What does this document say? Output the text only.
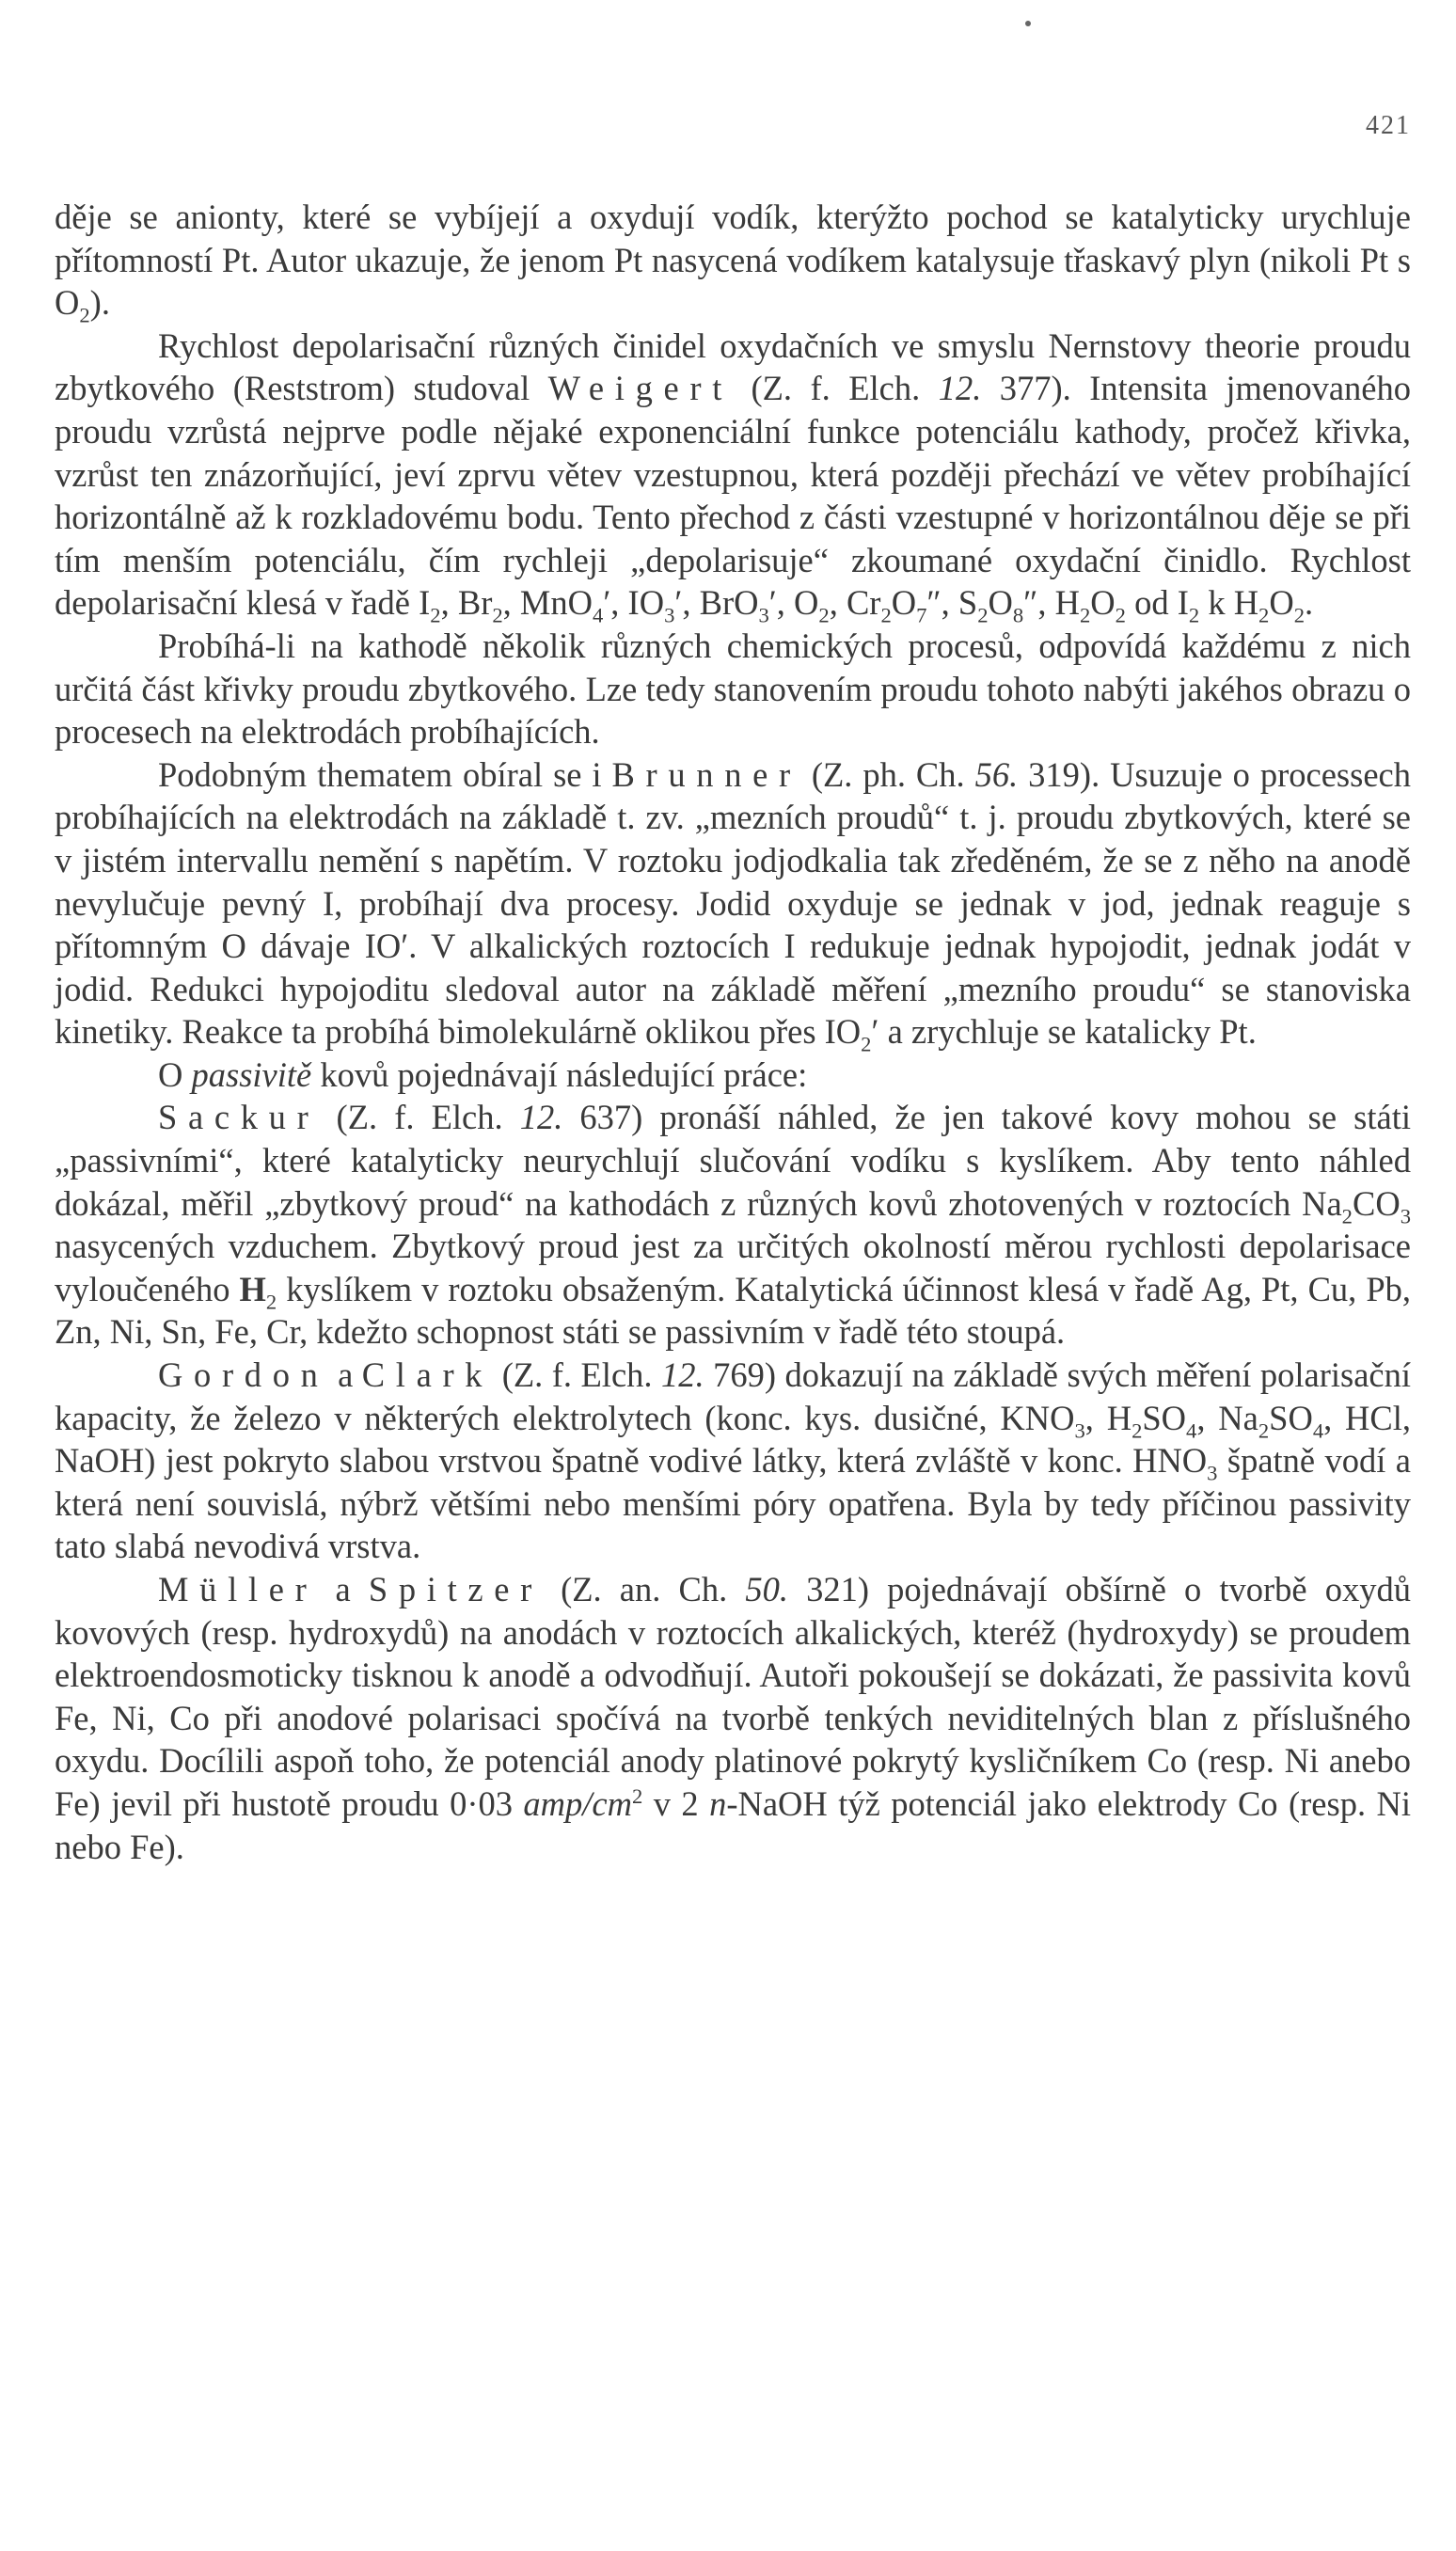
421

děje se anionty, které se vybíjejí a oxydují vodík, kterýžto pochod se katalyticky urychluje přítomností Pt. Autor ukazuje, že jenom Pt nasycená vodíkem katalysuje třaskavý plyn (nikoli Pt s $O_2$).

Rychlost depolarisační různých činidel oxydačních ve smyslu Nernstovy theorie proudu zbytkového (Reststrom) studoval Weigert (Z. f. Elch. 12. 377). Intensita jmenovaného proudu vzrůstá nejprve podle nějaké exponenciální funkce potenciálu kathody, pročež křivka, vzrůst ten znázorňující, jeví zprvu větev vzestupnou, která později přechází ve větev probíhající horizontálně až k rozkladovému bodu. Tento přechod z části vzestupné v horizontálnou děje se při tím menším potenciálu, čím rychleji „depolarisuje“ zkoumané oxydační činidlo. Rychlost depolarisační klesá v řadě $I_2$, $Br_2$, MnO$_4$′, $IO_3'$, BrO$_3$′, $O_2$, $Cr_2O_7''$, $S_2O_8''$, $H_2O_2$ od $I_2$ k $H_2O_2$.

Probíhá-li na kathodě několik různých chemických procesů, odpovídá každému z nich určitá část křivky proudu zbytkového. Lze tedy stanovením proudu tohoto nabýti jakéhos obrazu o procesech na elektrodách probíhajících.

Podobným thematem obíral se i Brunner (Z. ph. Ch. 56. 319). Usuzuje o processech probíhajících na elektrodách na základě t. zv. „mezních proudů“ t. j. proudu zbytkových, které se v jistém intervallu nemění s napětím. V roztoku jodjodkalia tak zředěném, že se z něho na anodě nevylučuje pevný I, probíhají dva procesy. Jodid oxyduje se jednak v jod, jednak reaguje s přítomným O dávaje IO′. V alkalických roztocích I redukuje jednak hypojodit, jednak jodát v jodid. Redukci hypojoditu sledoval autor na základě měření „mezního proudu“ se stanoviska kinetiky. Reakce ta probíhá bimolekulárně oklikou přes $IO_2'$ a zrychluje se katalicky Pt.

O passivitě kovů pojednávají následující práce:

Sackur (Z. f. Elch. 12. 637) pronáší náhled, že jen takové kovy mohou se státi „passivními“, které katalyticky neurychlují slučování vodíku s kyslíkem. Aby tento náhled dokázal, měřil „zbytkový proud“ na kathodách z různých kovů zhotovených v roztocích $Na_2CO_3$ nasycených vzduchem. Zbytkový proud jest za určitých okolností měrou rychlosti depolarisace vyloučeného $H_2$ kyslíkem v roztoku obsaženým. Katalytická účinnost klesá v řadě Ag, Pt, Cu, Pb, Zn, Ni, Sn, Fe, Cr, kdežto schopnost státi se passivním v řadě této stoupá.

Gordon a Clark (Z. f. Elch. 12. 769) dokazují na základě svých měření polarisační kapacity, že železo v některých elektrolytech (konc. kys. dusičné, $KNO_3$, $H_2SO_4$, $Na_2SO_4$, HCl, NaOH) jest pokryto slabou vrstvou špatně vodivé látky, která zvláště v konc. $HNO_3$ špatně vodí a která není souvislá, nýbrž většími nebo menšími póry opatřena. Byla by tedy příčinou passivity tato slabá nevodivá vrstva.

Müller a Spitzer (Z. an. Ch. 50. 321) pojednávají obšírně o tvorbě oxydů kovových (resp. hydroxydů) na anodách v roztocích alkalických, kteréž (hydroxydy) se proudem elektroendosmoticky tisknou k anodě a odvodňují. Autoři pokoušejí se dokázati, že passivita kovů Fe, Ni, Co při anodové polarisaci spočívá na tvorbě tenkých neviditelných blan z příslušného oxydu. Docílili aspoň toho, že potenciál anody platinové pokrytý kysličníkem Co (resp. Ni anebo Fe) jevil při hustotě proudu 0·03 amp/$cm^2$ v 2 n-NaOH týž potenciál jako elektrody Co (resp. Ni nebo Fe).
